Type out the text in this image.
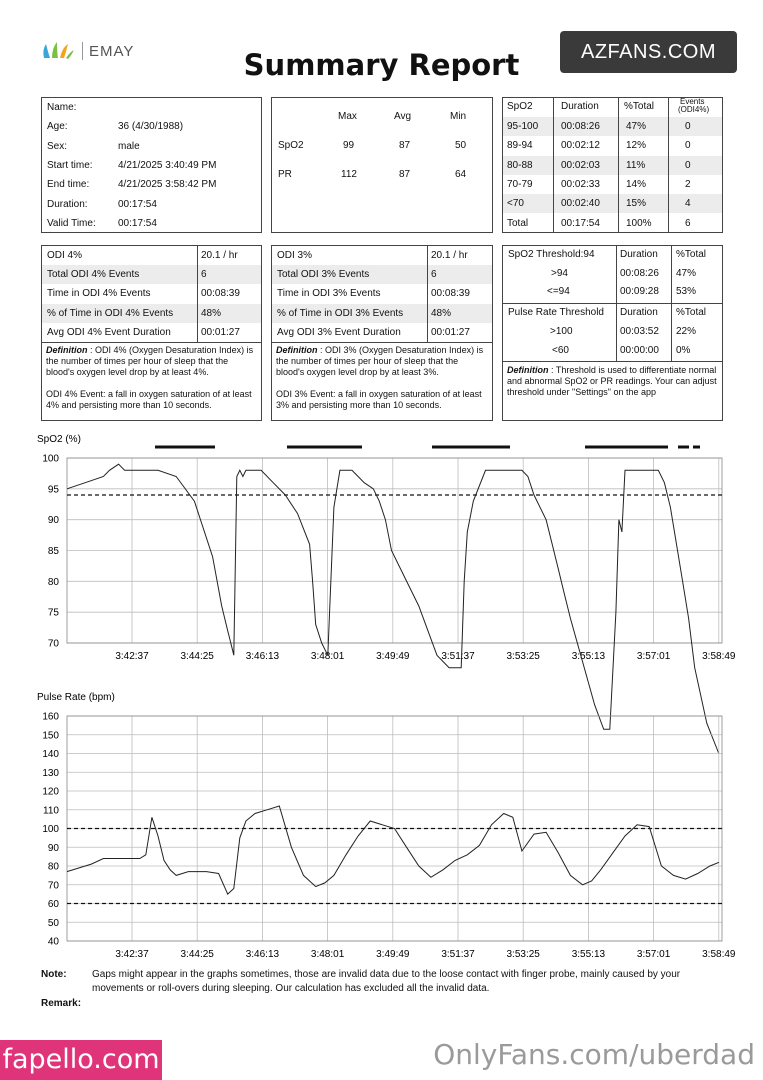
EMAY	Summary Report	AZFANS.COM
Name:
Age:	36 (4/30/1988)
Sex:	male
Start time:	4/21/2025 3:40:49 PM
End time:	4/21/2025 3:58:42 PM
Duration:	00:17:54
Valid Time: 00:17:54
Max	Avg	Min
SpO2	99	87	50
PR	112	87	64
SpO2	Duration	%Total	Events
(ODI4%)
95-100 00:08:26	47%	0
89-94	00:02:12	12%	0
80-88	00:02:03	11%	0
70-79	00:02:33	14%	2
<70	00:02:40	15%	4
Total	00:17:54	100%	6
ODI 4%	20.1 / hr
Total ODI 4% Events	6
Time in ODI 4% Events	00:08:39
% of Time in ODI 4% Events	48%
Avg ODI 4% Event Duration	00:01:27
Definition : ODI 4% (Oxygen Desaturation Index) is the number of times per hour of sleep that the blood's oxygen level drop by at least 4%.
ODI 4% Event: a fall in oxygen saturation of at least 4% and persisting more than 10 seconds.
ODI 3%	20.1 / hr
Total ODI 3% Events	6
Time in ODI 3% Events	00:08:39
% of Time in ODI 3% Events	48%
Avg ODI 3% Event Duration	00:01:27
Definition : ODI 3% (Oxygen Desaturation Index) is the number of times per hour of sleep that the blood's oxygen level drop by at least 3%.
ODI 3% Event: a fall in oxygen saturation of at least 3% and persisting more than 10 seconds.
SpO2 Threshold:94	Duration %Total
>94	00:08:26 47%
<=94	00:09:28 53%
Pulse Rate Threshold Duration %Total
>100	00:03:52 22%
<60	00:00:00 0%
Definition : Threshold is used to differentiate normal and abnormal SpO2 or PR readings. Your can adjust threshold under "Settings" on the app
SpO2 (%)
100
95
90
85
80
75
70
3:42:37	3:44:25	3:46:13	3:48:01	3:49:49	3:51:37	3:53:25	3:55:13	3:57:01	3:58:49
Pulse Rate (bpm)
160
150
140
130
120
110
100
90
80
70
60
50
40
3:42:37	3:44:25	3:46:13	3:48:01	3:49:49	3:51:37	3:53:25	3:55:13	3:57:01	3:58:49
Note:	Gaps might appear in the graphs sometimes, those are invalid data due to the loose contact with finger probe, mainly caused by your movements or roll-overs during sleeping. Our calculation has excluded all the invalid data.
Remark:
fapello.com	OnlyFans.com/uberdad
